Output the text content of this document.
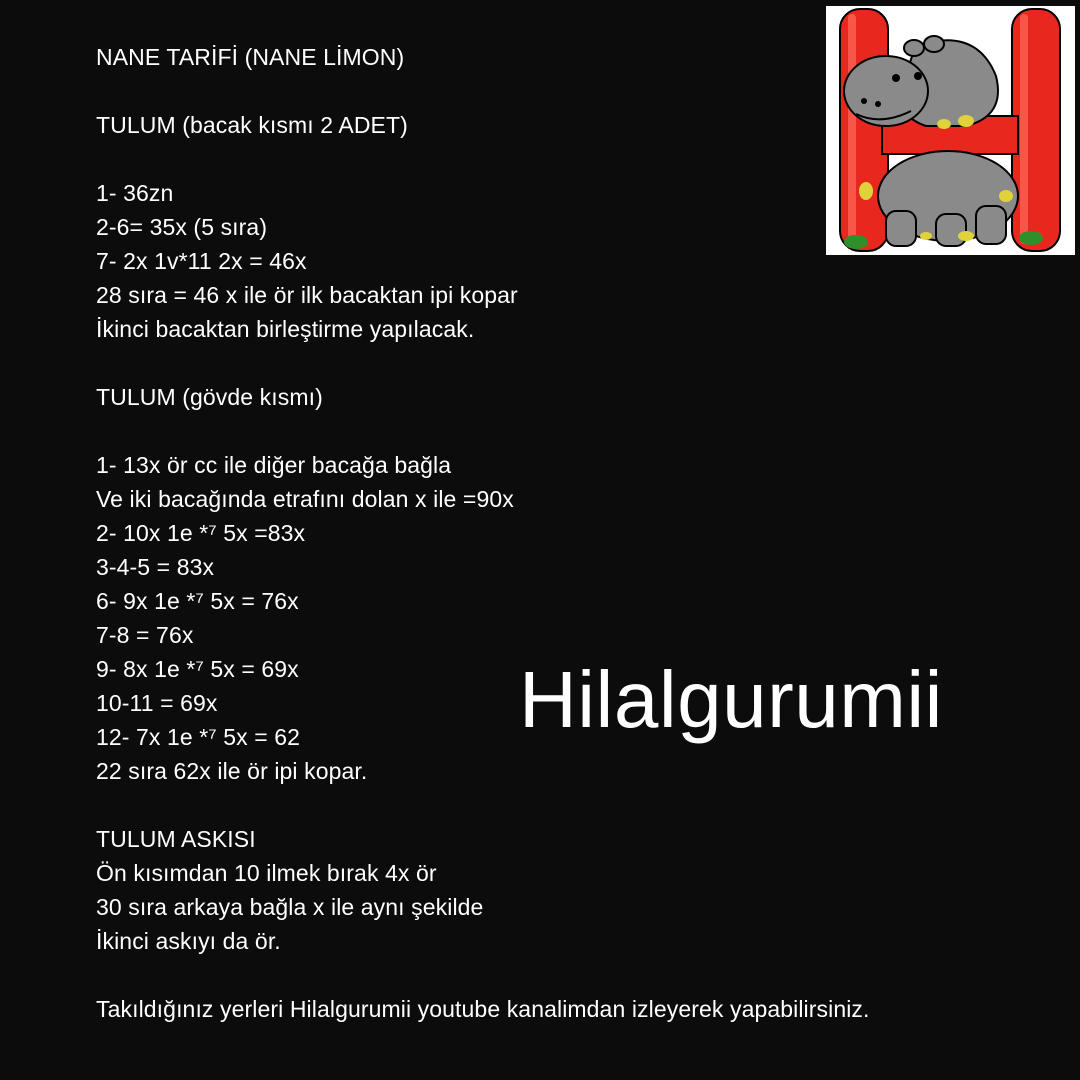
NANE TARİFİ (NANE LİMON)
TULUM (bacak kısmı 2 ADET)
1- 36zn
2-6= 35x (5 sıra)
7- 2x 1v*11 2x = 46x
28 sıra = 46 x ile ör ilk bacaktan ipi kopar
İkinci bacaktan birleştirme yapılacak.
TULUM (gövde kısmı)
1- 13x ör cc ile diğer bacağa bağla
Ve iki bacağında etrafını dolan x ile =90x
2- 10x 1e *⁷ 5x =83x
3-4-5 = 83x
6- 9x 1e *⁷ 5x = 76x
7-8 = 76x
9- 8x 1e *⁷ 5x = 69x
10-11 = 69x
12- 7x 1e *⁷ 5x = 62
22 sıra 62x ile ör ipi kopar.
TULUM ASKISI
Ön kısımdan 10 ilmek bırak 4x ör
30 sıra arkaya bağla x ile aynı şekilde
İkinci askıyı da ör.
Takıldığınız yerleri Hilalgurumii youtube kanalimdan izleyerek yapabilirsiniz.
Hilalgurumii
